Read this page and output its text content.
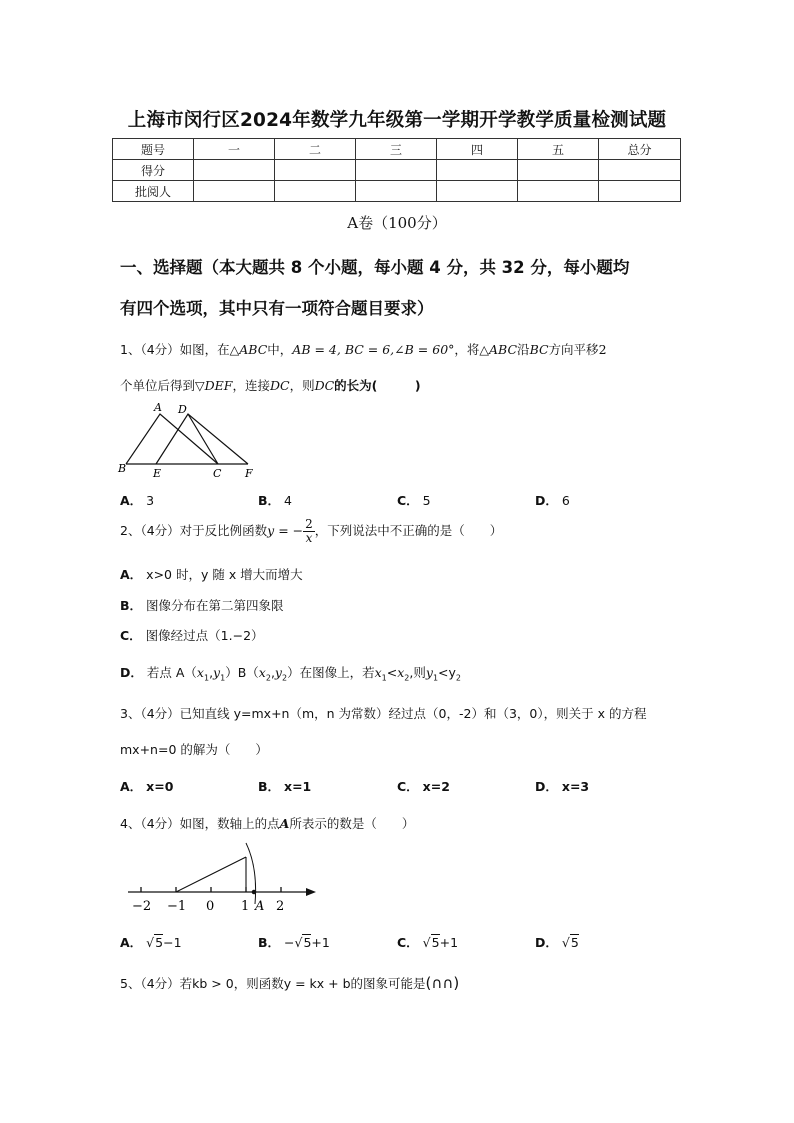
上海市闵行区2024年数学九年级第一学期开学教学质量检测试题
题号	一	二	三	四	五	总分
得分						
批阅人						
A卷（100分）
一、选择题（本大题共 8 个小题，每小题 4 分，共 32 分，每小题均
有四个选项，其中只有一项符合题目要求）
1、（4分）如图，在△ABC中，AB = 4, BC = 6,∠B = 60°，将△ABC沿BC方向平移2
个单位后得到▽DEF，连接DC，则DC的长为(　　　)
A D
B E	C F
A． 3	B． 4	C． 5	D． 6
2、（4分）对于反比例函数y = − $\frac{2}{x}$ ，下列说法中不正确的是（　　）
A． x>0 时，y 随 x 增大而增大
B． 图像分布在第二第四象限
C． 图像经过点（1.−2）
D． 若点 $A(x_1,y_1)B(x_2,y_2)$在图像上，若$x_1<x_2$,则$y_1<y_2$
3、（4分）已知直线 y=mx+n（m，n 为常数）经过点（0，-2）和（3，0），则关于 x 的方程
mx+n=0 的解为（　　）
A． x=0	B． x=1	C． x=2	D． x=3
4、（4分）如图，数轴上的点A所表示的数是（　　）
−2 −1 0 1 A 2
A． √5−1	B． −√5+1	C． √5+1	D． √5
5、（4分）若kb > 0，则函数y = kx + b的图象可能是(∩∩)
